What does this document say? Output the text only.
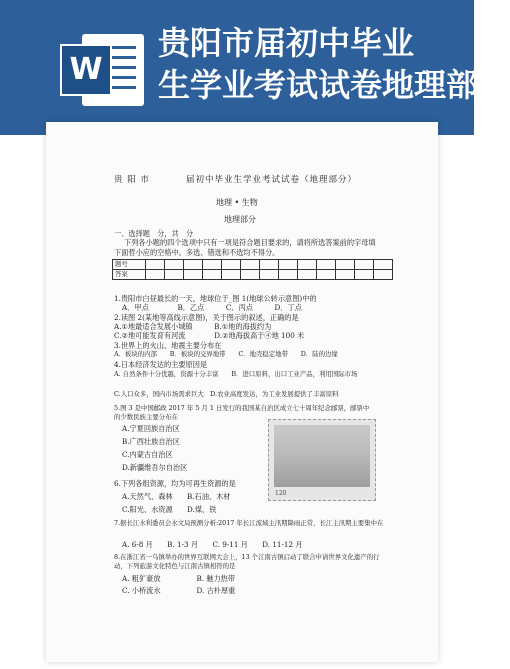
W
贵阳市届初中毕业
生学业考试试卷地理部分
贵 阳 市	届初中毕业生学业考试试卷（地理部分）
地理 • 生物
地理部分
一、选择题　分，共　分
下列各小题的四个选项中只有一项是符合题目要求的，请将所选答案前的字母填
下面哲小应的空格中。多选、错选和不选均不得分。
题号													
答案													
1.贵阳市白昼最长的一天，地球位于_图 1(地球公转示意图)中的
A．甲点　　　　B．乙点　　　C．丙点　　　D．丁点
2.读图 2(某地等高线示意图)，关于图示的叙述，正确的是
A.①地最适合发展小城镇　　　B.①地的海拔约为
C.②地可能发育有河流　　　　D.②地海拔高于④地 100 米
3.世界上的火山、地震主要分布在
A．板块的内部　　B．板块的交界地带　　C．地壳稳定地带　　D．陆的边缘
4.日本经济发达的主要原因是
A. 自然条件十分优越，资源十分丰富　　B．进口原料，出口工业产品，利用国际市场
C.人口众多，国内市场需求巨大　D.农业高度发达，为工业发展提供了丰富原料
5.图 3 是中国邮政 2017 年 5 月 1 日发行的我国某自治区成立七十周年纪念邮票，邮票中的少数民族主要分布在
A.宁夏回族自治区
B.广西壮族自治区
C.内蒙古自治区
D.新疆维吾尔自治区
6.下列各组资源，均为可再生资源的是
A.天然气、森林　　B.石油、木材
C.阳光、水资源　　D.煤、铁
7.据长江水利委员会水文局预测分析:2017 年长江流域主汛期降雨正常，长江主汛期主要集中在
A. 6-8 月　　B. 1-3 月　　C. 9-11 月　　D. 11-12 月
8.在浙江省一乌镇举办的世界互联网大会上，13 个江南古镇启动了联合申请世界文化遗产的行动，下列旅游文化特色与江南古镇相符的是
A. 粗犷豪放　　　　　B. 魅力热带
C. 小桥流水　　　　　D. 古朴厚重
120
